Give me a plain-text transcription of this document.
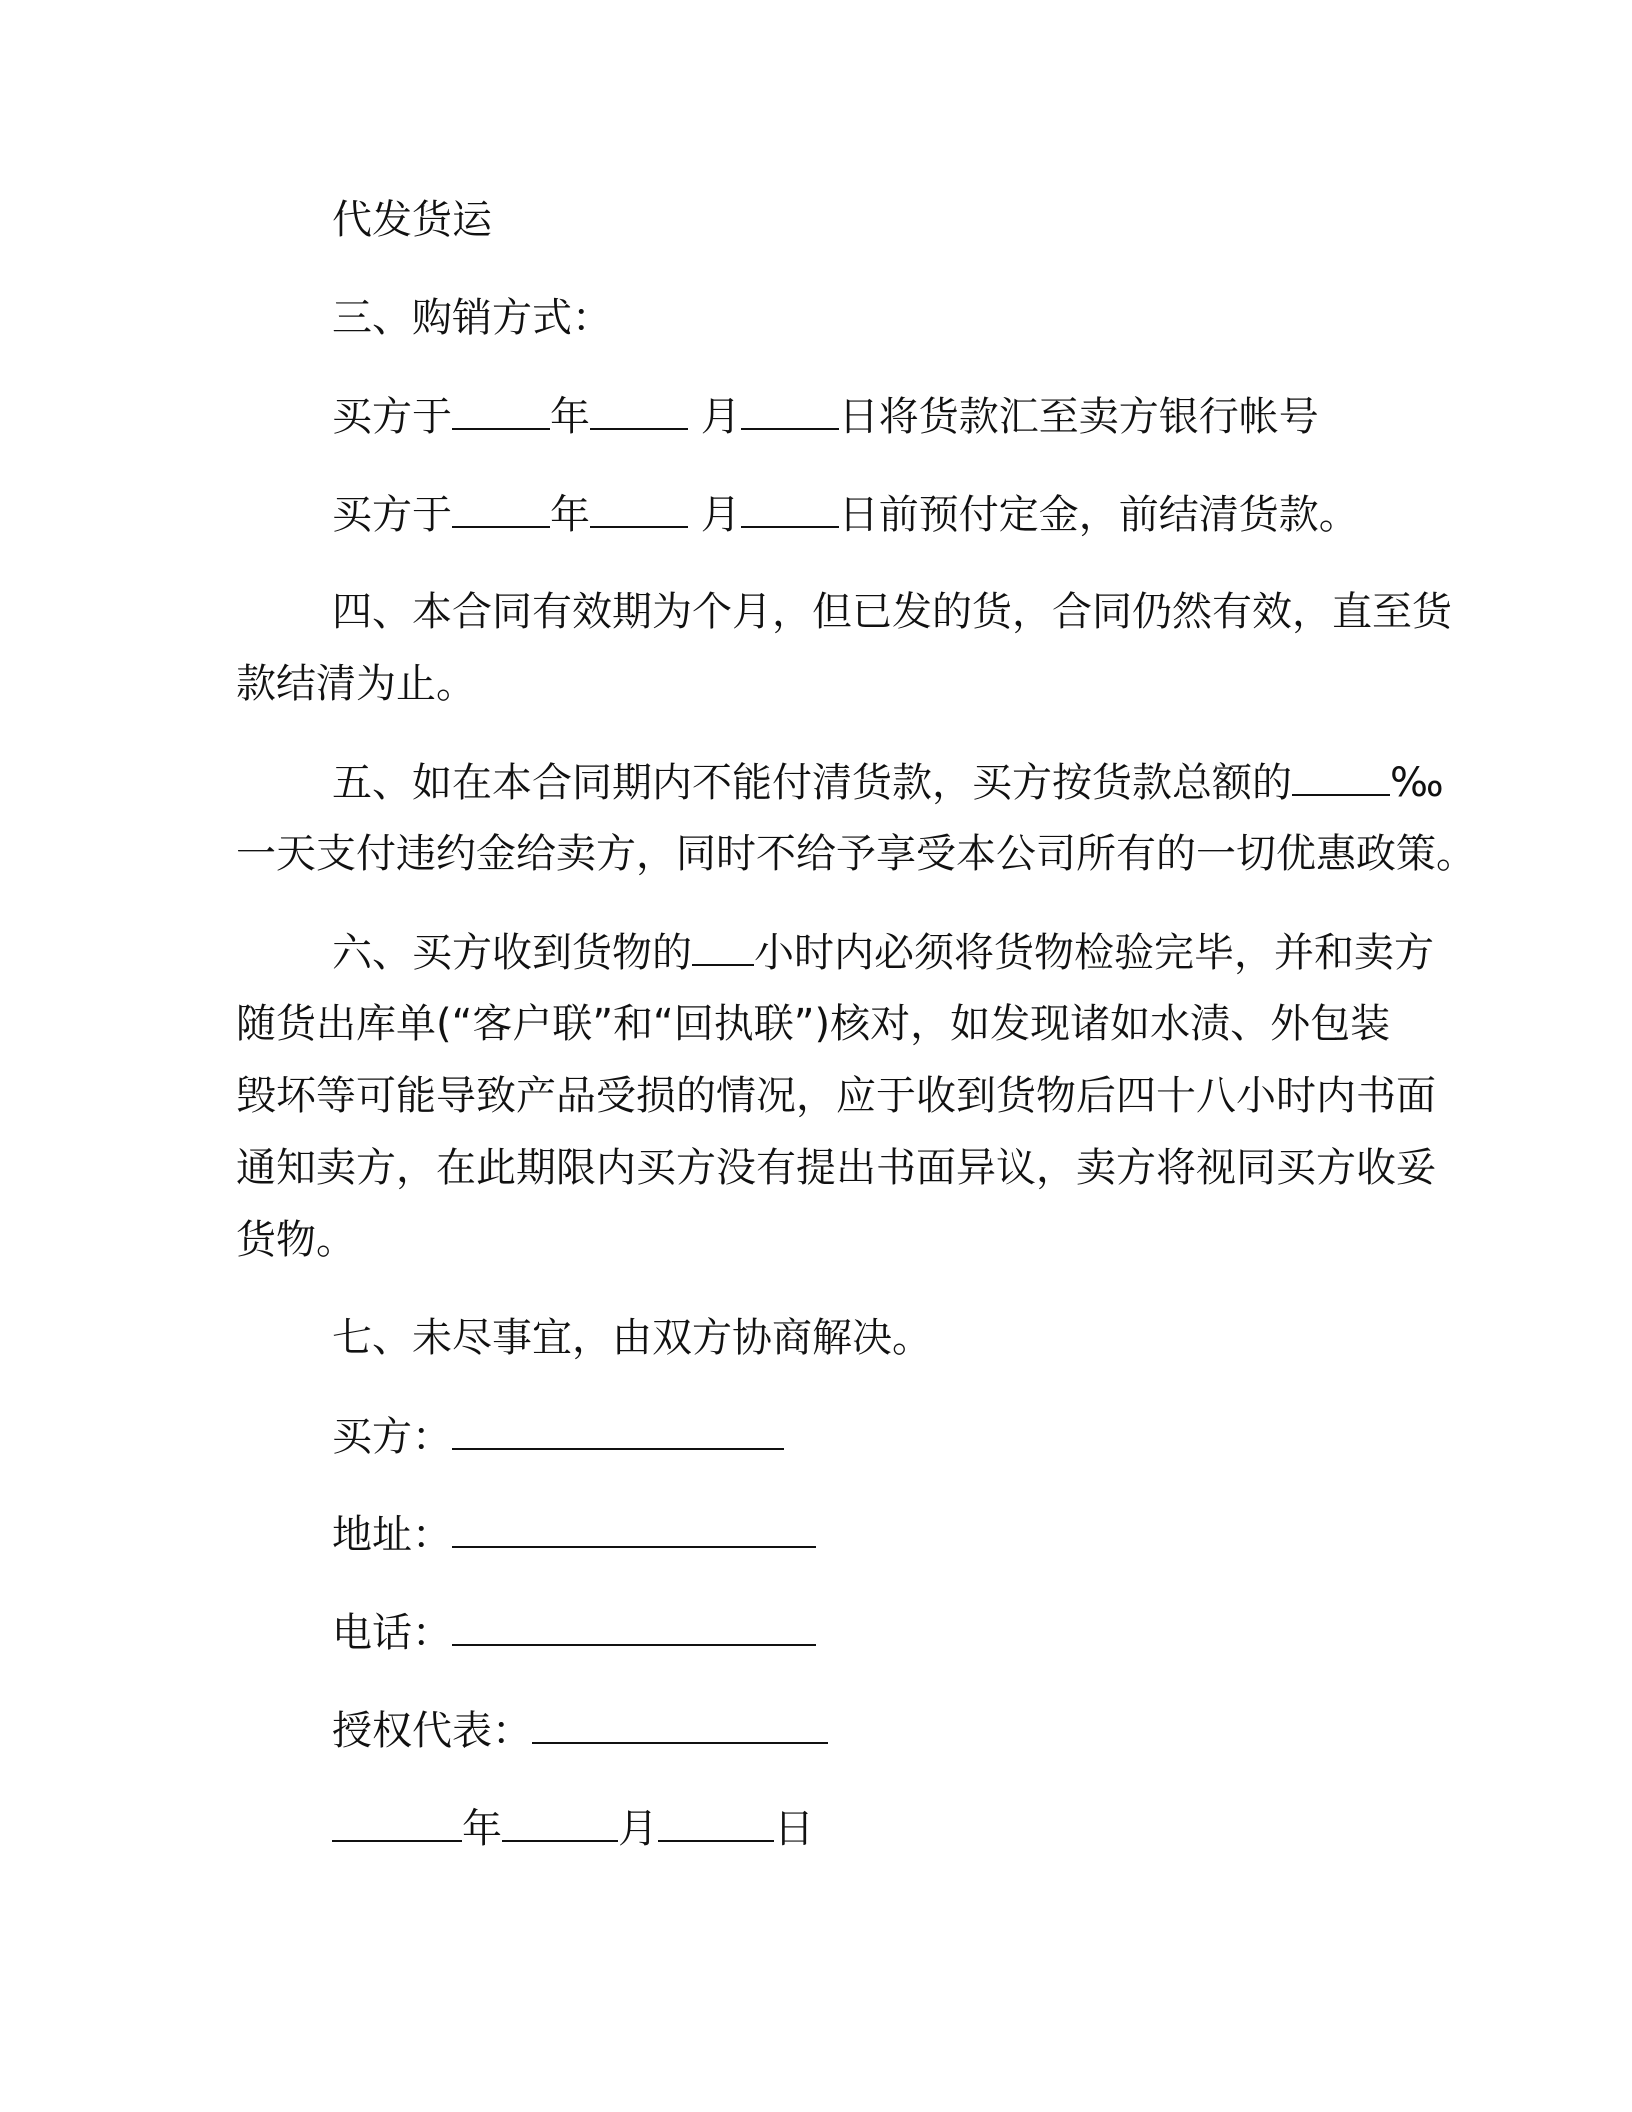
代发货运
三、购销方式：
买方于 年 月 日将货款汇至卖方银行帐号
买方于 年 月 日前预付定金，前结清货款。
四、本合同有效期为个月，但已发的货，合同仍然有效，直至货
款结清为止。
五、如在本合同期内不能付清货款，买方按货款总额的 ‰
一天支付违约金给卖方，同时不给予享受本公司所有的一切优惠政策。
六、买方收到货物的 小时内必须将货物检验完毕，并和卖方
随货出库单(“客户联”和“回执联”)核对，如发现诸如水渍、外包装
毁坏等可能导致产品受损的情况，应于收到货物后四十八小时内书面
通知卖方，在此期限内买方没有提出书面异议，卖方将视同买方收妥
货物。
七、未尽事宜，由双方协商解决。
买方：
地址：
电话：
授权代表：
年	月	日
